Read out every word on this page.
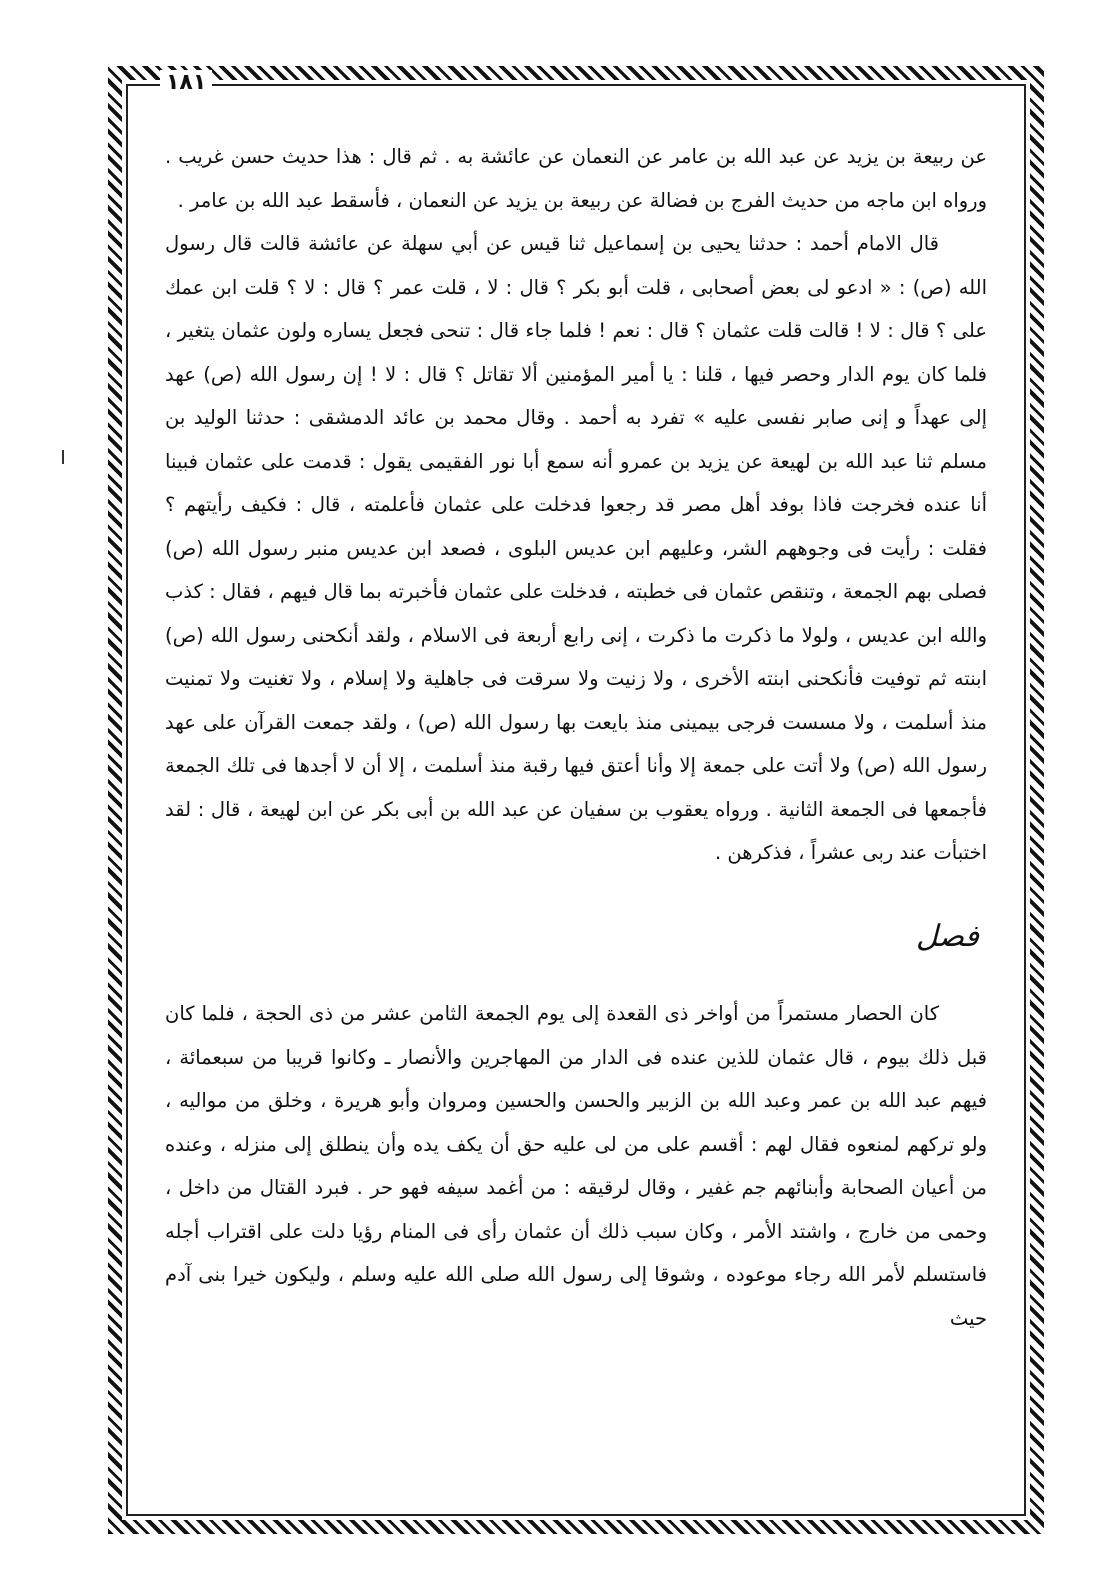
١٨١

عن ربيعة بن يزيد عن عبد الله بن عامر عن النعمان عن عائشة به . ثم قال : هذا حديث حسن غريب . ورواه ابن ماجه من حديث الفرج بن فضالة عن ربيعة بن يزيد عن النعمان ، فأسقط عبد الله بن عامر .

قال الامام أحمد : حدثنا يحيى بن إسماعيل ثنا قيس عن أبي سهلة عن عائشة قالت قال رسول الله (ص) : « ادعو لى بعض أصحابى ، قلت أبو بكر ؟ قال : لا ، قلت عمر ؟ قال : لا ؟ قلت ابن عمك على ؟ قال : لا ! قالت قلت عثمان ؟ قال : نعم ! فلما جاء قال : تنحى فجعل يساره ولون عثمان يتغير ، فلما كان يوم الدار وحصر فيها ، قلنا : يا أمير المؤمنين ألا تقاتل ؟ قال : لا ! إن رسول الله (ص) عهد إلى عهداً و إنى صابر نفسى عليه » تفرد به أحمد . وقال محمد بن عائد الدمشقى : حدثنا الوليد بن مسلم ثنا عبد الله بن لهيعة عن يزيد بن عمرو أنه سمع أبا نور الفقيمى يقول : قدمت على عثمان فبينا أنا عنده فخرجت فاذا بوفد أهل مصر قد رجعوا فدخلت على عثمان فأعلمته ، قال : فكيف رأيتهم ؟ فقلت : رأيت فى وجوههم الشر، وعليهم ابن عديس البلوى ، فصعد ابن عديس منبر رسول الله (ص) فصلى بهم الجمعة ، وتنقص عثمان فى خطبته ، فدخلت على عثمان فأخبرته بما قال فيهم ، فقال : كذب والله ابن عديس ، ولولا ما ذكرت ما ذكرت ، إنى رابع أربعة فى الاسلام ، ولقد أنكحنى رسول الله (ص) ابنته ثم توفيت فأنكحنى ابنته الأخرى ، ولا زنيت ولا سرقت فى جاهلية ولا إسلام ، ولا تغنيت ولا تمنيت منذ أسلمت ، ولا مسست فرجى بيمينى منذ بايعت بها رسول الله (ص) ، ولقد جمعت القرآن على عهد رسول الله (ص) ولا أتت على جمعة إلا وأنا أعتق فيها رقبة منذ أسلمت ، إلا أن لا أجدها فى تلك الجمعة فأجمعها فى الجمعة الثانية . ورواه يعقوب بن سفيان عن عبد الله بن أبى بكر عن ابن لهيعة ، قال : لقد اختبأت عند ربى عشراً ، فذكرهن .

فصل

كان الحصار مستمراً من أواخر ذى القعدة إلى يوم الجمعة الثامن عشر من ذى الحجة ، فلما كان قبل ذلك بيوم ، قال عثمان للذين عنده فى الدار من المهاجرين والأنصار ـ وكانوا قريبا من سبعمائة ، فيهم عبد الله بن عمر وعبد الله بن الزبير والحسن والحسين ومروان وأبو هريرة ، وخلق من مواليه ، ولو تركهم لمنعوه فقال لهم : أقسم على من لى عليه حق أن يكف يده وأن ينطلق إلى منزله ، وعنده من أعيان الصحابة وأبنائهم جم غفير ، وقال لرقيقه : من أغمد سيفه فهو حر . فبرد القتال من داخل ، وحمى من خارج ، واشتد الأمر ، وكان سبب ذلك أن عثمان رأى فى المنام رؤيا دلت على اقتراب أجله فاستسلم لأمر الله رجاء موعوده ، وشوقا إلى رسول الله صلى الله عليه وسلم ، وليكون خيرا بنى آدم حيث
